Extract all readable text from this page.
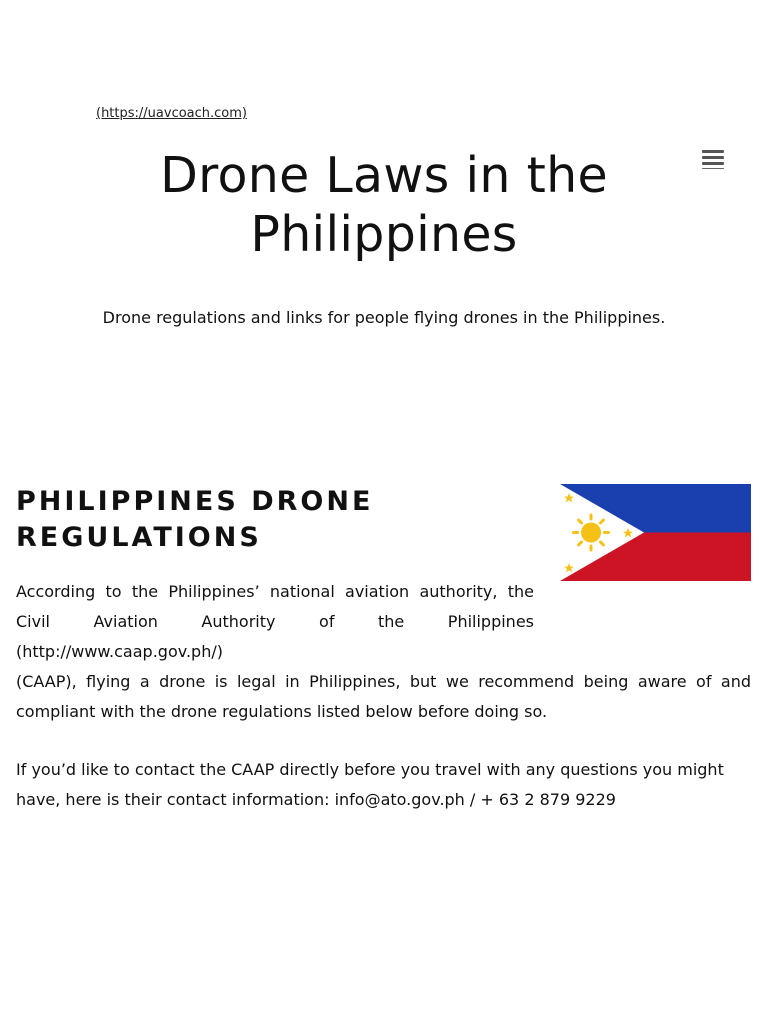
(https://uavcoach.com)
Drone Laws in the Philippines

Drone regulations and links for people flying drones in the Philippines.

PHILIPPINES DRONE REGULATIONS

According to the Philippines’ national aviation authority, the Civil Aviation Authority of the Philippines (http://www.caap.gov.ph/)

(CAAP), flying a drone is legal in Philippines, but we recommend being aware of and compliant with the drone regulations listed below before doing so.

If you’d like to contact the CAAP directly before you travel with any questions you might have, here is their contact information: info@ato.gov.ph / + 63 2 879 9229
